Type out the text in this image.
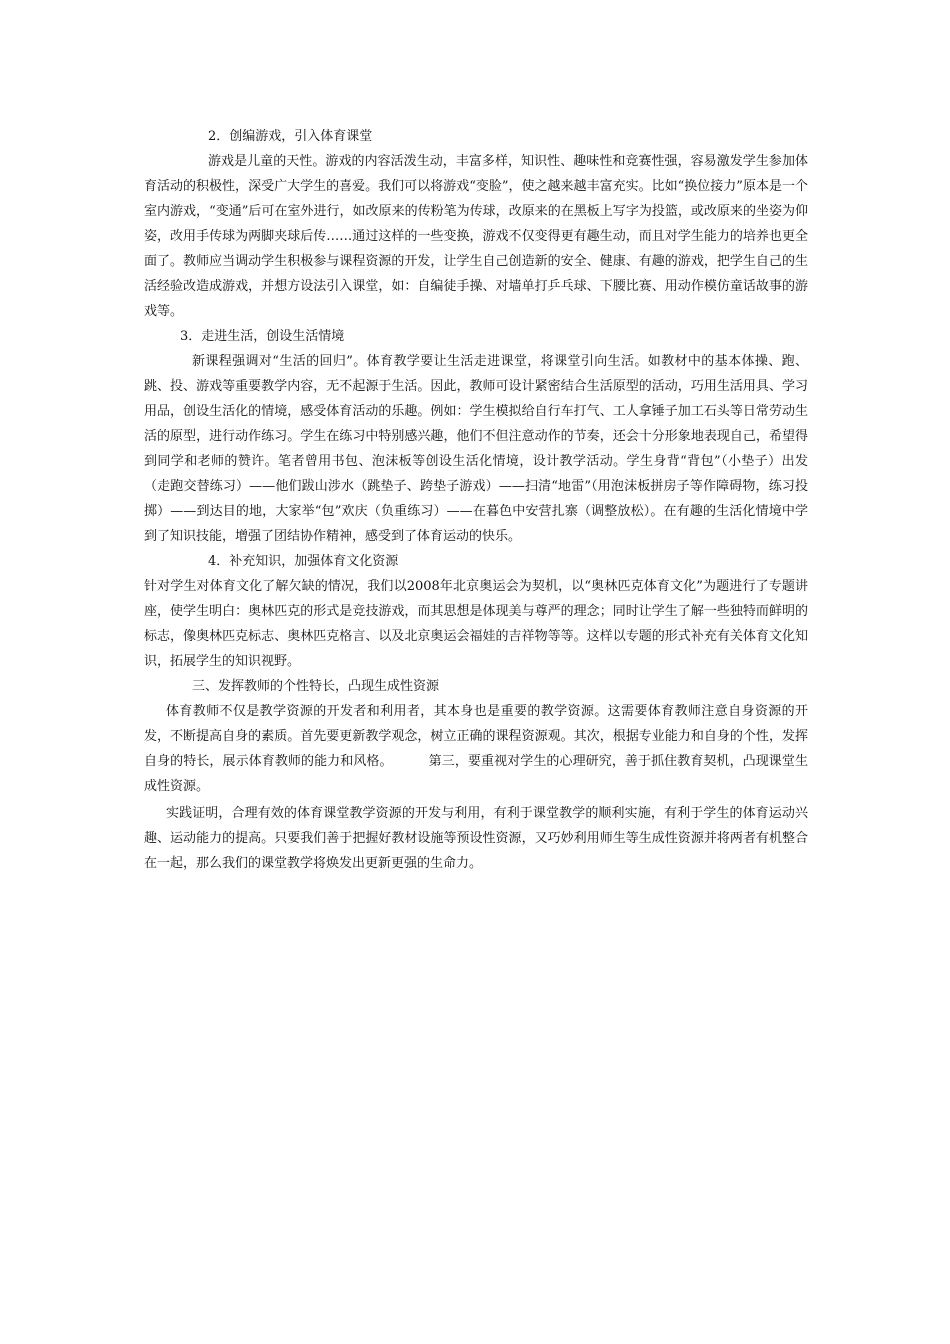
2．创编游戏，引入体育课堂

游戏是儿童的天性。游戏的内容活泼生动，丰富多样，知识性、趣味性和竞赛性强，容易激发学生参加体育活动的积极性，深受广大学生的喜爱。我们可以将游戏“变脸”，使之越来越丰富充实。比如“换位接力”原本是一个室内游戏，“变通”后可在室外进行，如改原来的传粉笔为传球，改原来的在黑板上写字为投篮，或改原来的坐姿为仰姿，改用手传球为两脚夹球后传……通过这样的一些变换，游戏不仅变得更有趣生动，而且对学生能力的培养也更全面了。教师应当调动学生积极参与课程资源的开发，让学生自己创造新的安全、健康、有趣的游戏，把学生自己的生活经验改造成游戏，并想方设法引入课堂，如：自编徒手操、对墙单打乒乓球、下腰比赛、用动作模仿童话故事的游戏等。

3．走进生活，创设生活情境

新课程强调对“生活的回归”。体育教学要让生活走进课堂，将课堂引向生活。如教材中的基本体操、跑、跳、投、游戏等重要教学内容，无不起源于生活。因此，教师可设计紧密结合生活原型的活动，巧用生活用具、学习用品，创设生活化的情境，感受体育活动的乐趣。例如：学生模拟给自行车打气、工人拿锤子加工石头等日常劳动生活的原型，进行动作练习。学生在练习中特别感兴趣，他们不但注意动作的节奏，还会十分形象地表现自己，希望得到同学和老师的赞许。笔者曾用书包、泡沫板等创设生活化情境，设计教学活动。学生身背“背包”（小垫子）出发（走跑交替练习）——他们跋山涉水（跳垫子、跨垫子游戏）——扫清“地雷”（用泡沫板拼房子等作障碍物，练习投掷）——到达目的地，大家举“包”欢庆（负重练习）——在暮色中安营扎寨（调整放松）。在有趣的生活化情境中学到了知识技能，增强了团结协作精神，感受到了体育运动的快乐。

4．补充知识，加强体育文化资源

针对学生对体育文化了解欠缺的情况，我们以2008年北京奥运会为契机，以“奥林匹克体育文化”为题进行了专题讲座，使学生明白：奥林匹克的形式是竞技游戏，而其思想是体现美与尊严的理念；同时让学生了解一些独特而鲜明的标志，像奥林匹克标志、奥林匹克格言、以及北京奥运会福娃的吉祥物等等。这样以专题的形式补充有关体育文化知识，拓展学生的知识视野。

三、发挥教师的个性特长，凸现生成性资源

体育教师不仅是教学资源的开发者和利用者，其本身也是重要的教学资源。这需要体育教师注意自身资源的开发，不断提高自身的素质。首先要更新教学观念，树立正确的课程资源观。其次，根据专业能力和自身的个性，发挥自身的特长，展示体育教师的能力和风格。	第三，要重视对学生的心理研究，善于抓住教育契机，凸现课堂生成性资源。

实践证明，合理有效的体育课堂教学资源的开发与利用，有利于课堂教学的顺利实施，有利于学生的体育运动兴趣、运动能力的提高。只要我们善于把握好教材设施等预设性资源，又巧妙利用师生等生成性资源并将两者有机整合在一起，那么我们的课堂教学将焕发出更新更强的生命力。
